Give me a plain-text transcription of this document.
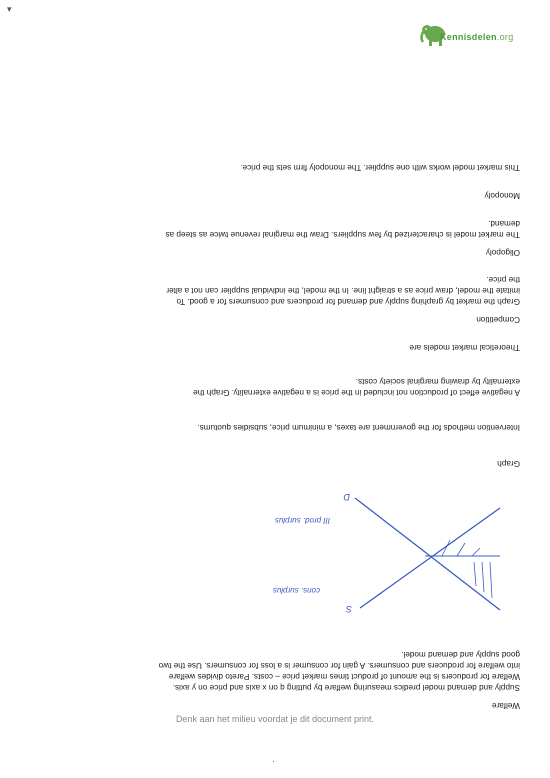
▾
Kennisdelen.org
Denk aan het milieu voordat je dit document print.
·
Welfare
Supply and demand model predics measuring welfare by putting q on x axis and price on y axis.
Welfare for producers is the amount of product times market price – costs. Pareto divides welfare
into welfare for producers and consumers. A gain for consumer is a loss for consumers. Use the two
good supply and demand model.
S
D
cons. surplus
III prod. surplus
Graph
Intervention methods for the government are taxes, a minimum price, subsidies quotums.
A negative effect of production not included in the price is a negative externality. Graph the
externality by drawing marginal society costs.
Theoretical market models are
Competition
Graph the market by graphing supply and demand for producers and consumers for a good. To
imitate the model, draw price as a straight line. In the model, the individual supplier can not a alter
the price.
Oligopoly
The market model is characterized by few suppliers. Draw the marginal revenue twice as steep as
demand.
Monopoly
This market model works with one supplier. The monopoly firm sets the price.
